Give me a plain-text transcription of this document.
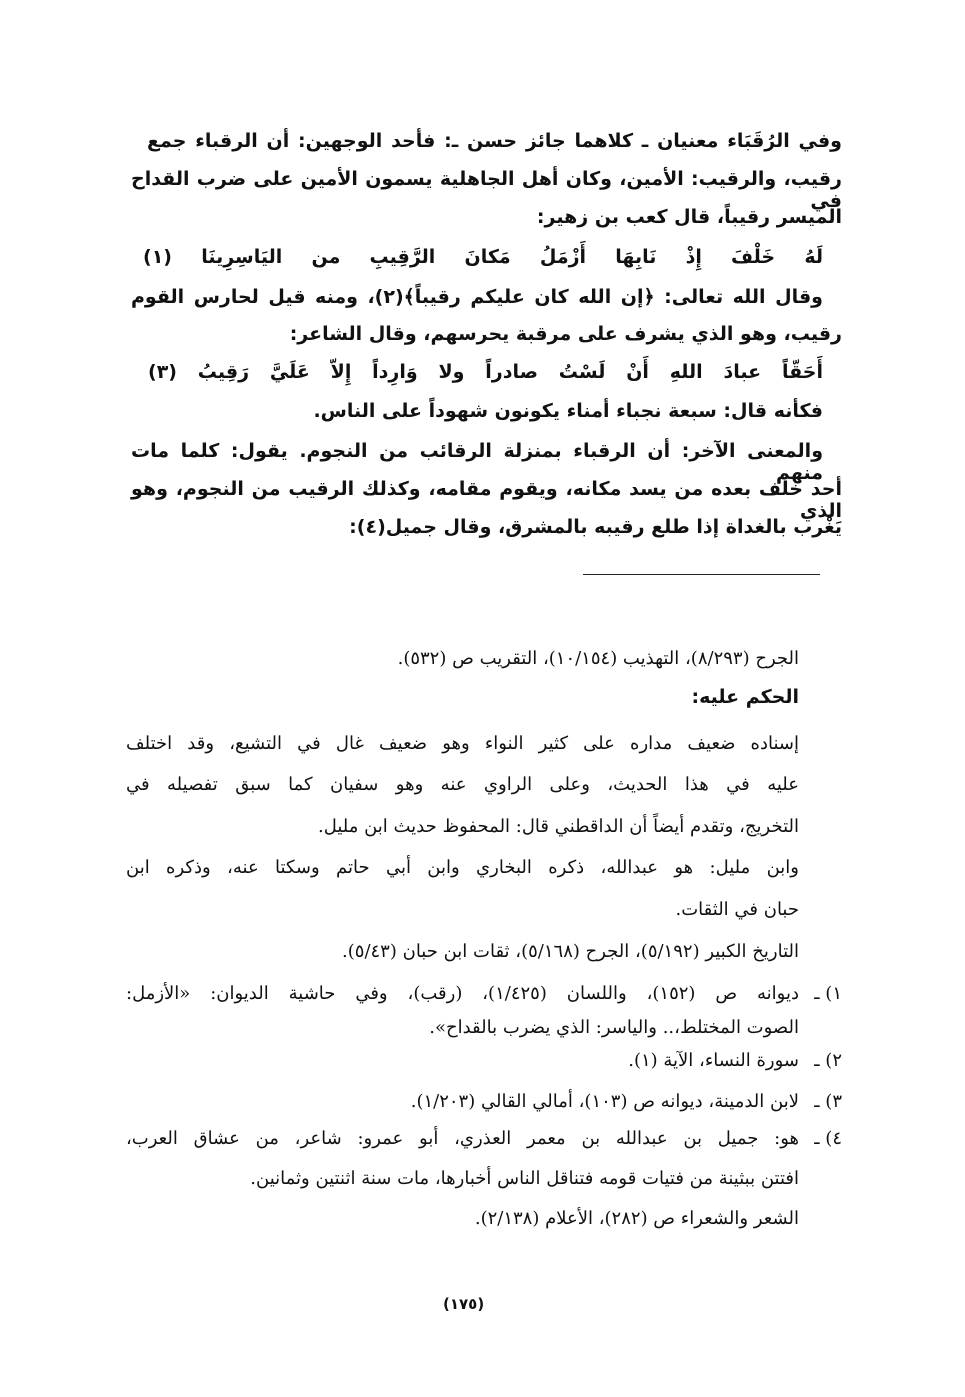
وفي الرُقَبَاء معنيان ـ كلاهما جائز حسن ـ: فأحد الوجهين: أن الرقباء جمع
رقيب، والرقيب: الأمين، وكان أهل الجاهلية يسمون الأمين على ضرب القداح في
الميسر رقيباً، قال كعب بن زهير:
لَهُ خَلْفَ إِذْ نَابِهَا أَزْمَلُ مَكانَ الرَّقِيبِ من اليَاسِرِينَا (١)
وقال الله تعالى: ﴿إن الله كان عليكم رقيباً﴾(٢)، ومنه قيل لحارس القوم
رقيب، وهو الذي يشرف على مرقبة يحرسهم، وقال الشاعر:
أَحَقّاً عبادَ اللهِ أَنْ لَسْتُ صادراً ولا وَارِداً إِلاّ عَلَيَّ رَقِيبُ (٣)
فكأنه قال: سبعة نجباء أمناء يكونون شهوداً على الناس.
والمعنى الآخر: أن الرقباء بمنزلة الرقائب من النجوم. يقول: كلما مات منهم
أحد خلف بعده من يسد مكانه، ويقوم مقامه، وكذلك الرقيب من النجوم، وهو الذي
يَغْرب بالغداة إذا طلع رقيبه بالمشرق، وقال جميل(٤):
الجرح (٨/٢٩٣)، التهذيب (١٠/١٥٤)، التقريب ص (٥٣٢).
الحكم عليه:
إسناده ضعيف مداره على كثير النواء وهو ضعيف غال في التشيع، وقد اختلف
عليه في هذا الحديث، وعلى الراوي عنه وهو سفيان كما سبق تفصيله في
التخريج، وتقدم أيضاً أن الداقطني قال: المحفوظ حديث ابن مليل.
وابن مليل: هو عبدالله، ذكره البخاري وابن أبي حاتم وسكتا عنه، وذكره ابن
حبان في الثقات.
التاريخ الكبير (٥/١٩٢)، الجرح (٥/١٦٨)، ثقات ابن حبان (٥/٤٣).
١) ـ
ديوانه ص (١٥٢)، واللسان (١/٤٢٥)، (رقب)، وفي حاشية الديوان: «الأزمل:
الصوت المختلط،.. والياسر: الذي يضرب بالقداح».
٢) ـ
سورة النساء، الآية (١).
٣) ـ
لابن الدمينة، ديوانه ص (١٠٣)، أمالي القالي (١/٢٠٣).
٤) ـ
هو: جميل بن عبدالله بن معمر العذري، أبو عمرو: شاعر، من عشاق العرب،
افتتن ببثينة من فتيات قومه فتناقل الناس أخبارها، مات سنة اثنتين وثمانين.
الشعر والشعراء ص (٢٨٢)، الأعلام (٢/١٣٨).
(١٧٥)
